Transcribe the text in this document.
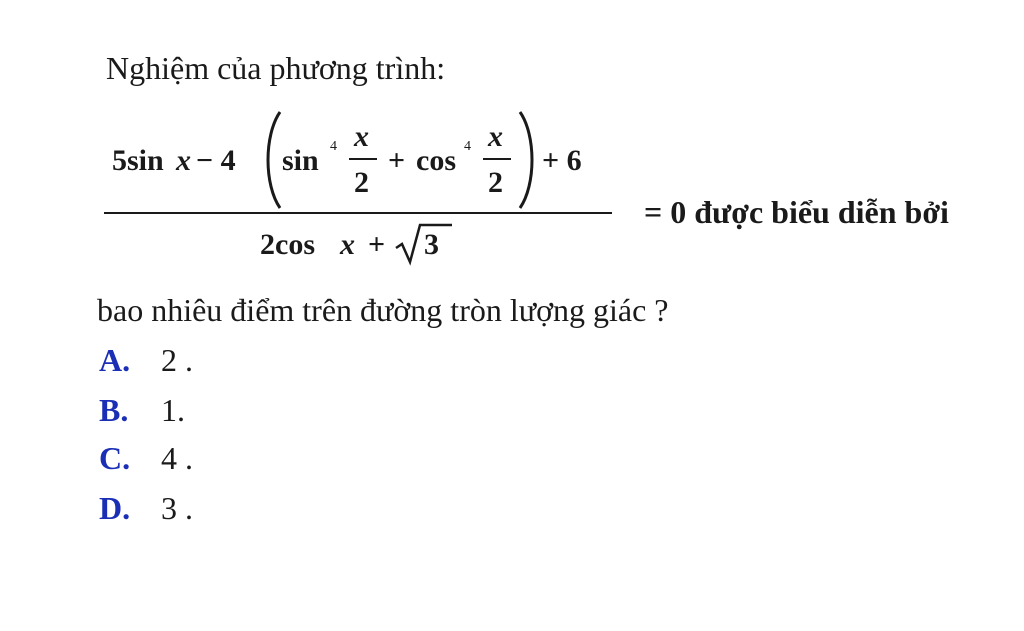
Nghiệm của phương trình:
5sin x − 4 sin 4 x
2
+ cos 4 x
2
+ 6
2cos x + 3
= 0 được biểu diễn bởi
bao nhiêu điểm trên đường tròn lượng giác ?
A. 2 .
B.	1.
C. 4 .
D. 3 .
